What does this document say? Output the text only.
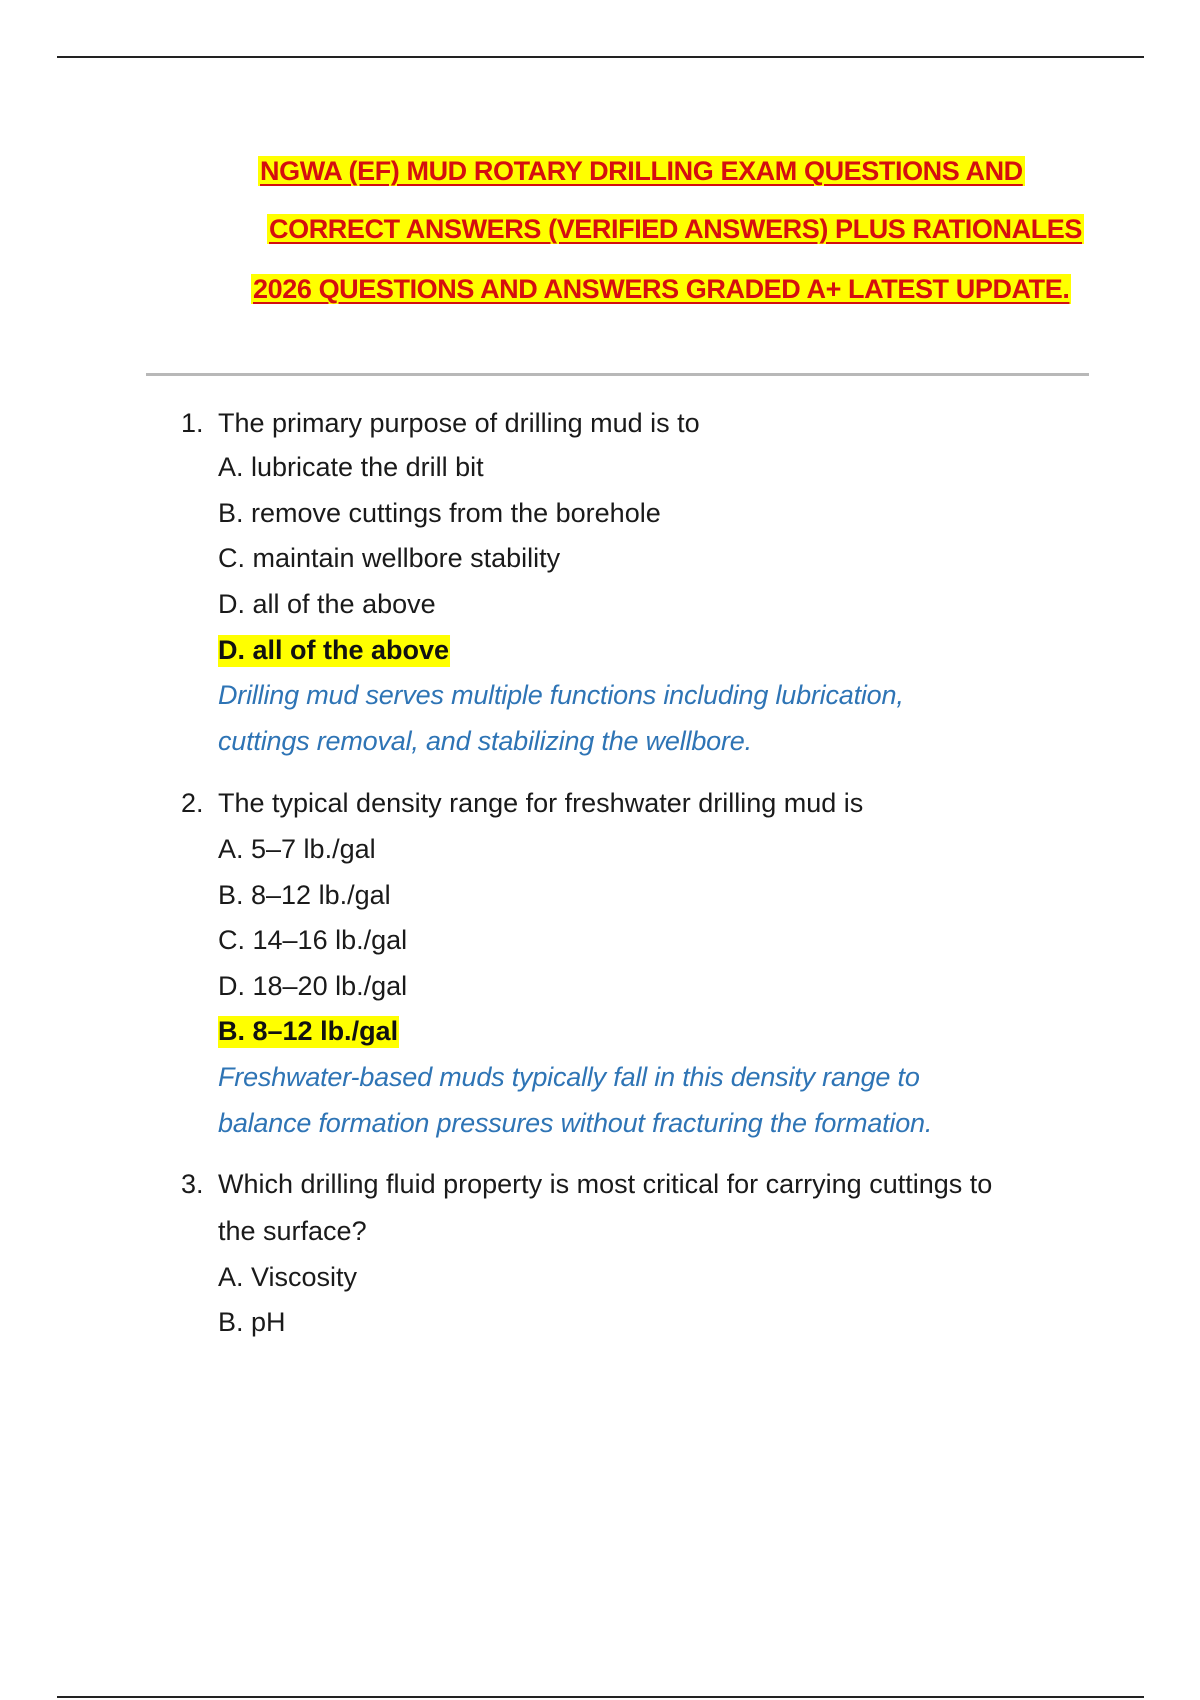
NGWA (EF) MUD ROTARY DRILLING EXAM QUESTIONS AND
CORRECT ANSWERS (VERIFIED ANSWERS) PLUS RATIONALES
2026 QUESTIONS AND ANSWERS GRADED A+ LATEST UPDATE.
1. The primary purpose of drilling mud is to
A. lubricate the drill bit
B. remove cuttings from the borehole
C. maintain wellbore stability
D. all of the above
D. all of the above
Drilling mud serves multiple functions including lubrication,
cuttings removal, and stabilizing the wellbore.
2. The typical density range for freshwater drilling mud is
A. 5–7 lb./gal
B. 8–12 lb./gal
C. 14–16 lb./gal
D. 18–20 lb./gal
B. 8–12 lb./gal
Freshwater-based muds typically fall in this density range to
balance formation pressures without fracturing the formation.
3. Which drilling fluid property is most critical for carrying cuttings to
the surface?
A. Viscosity
B. pH
